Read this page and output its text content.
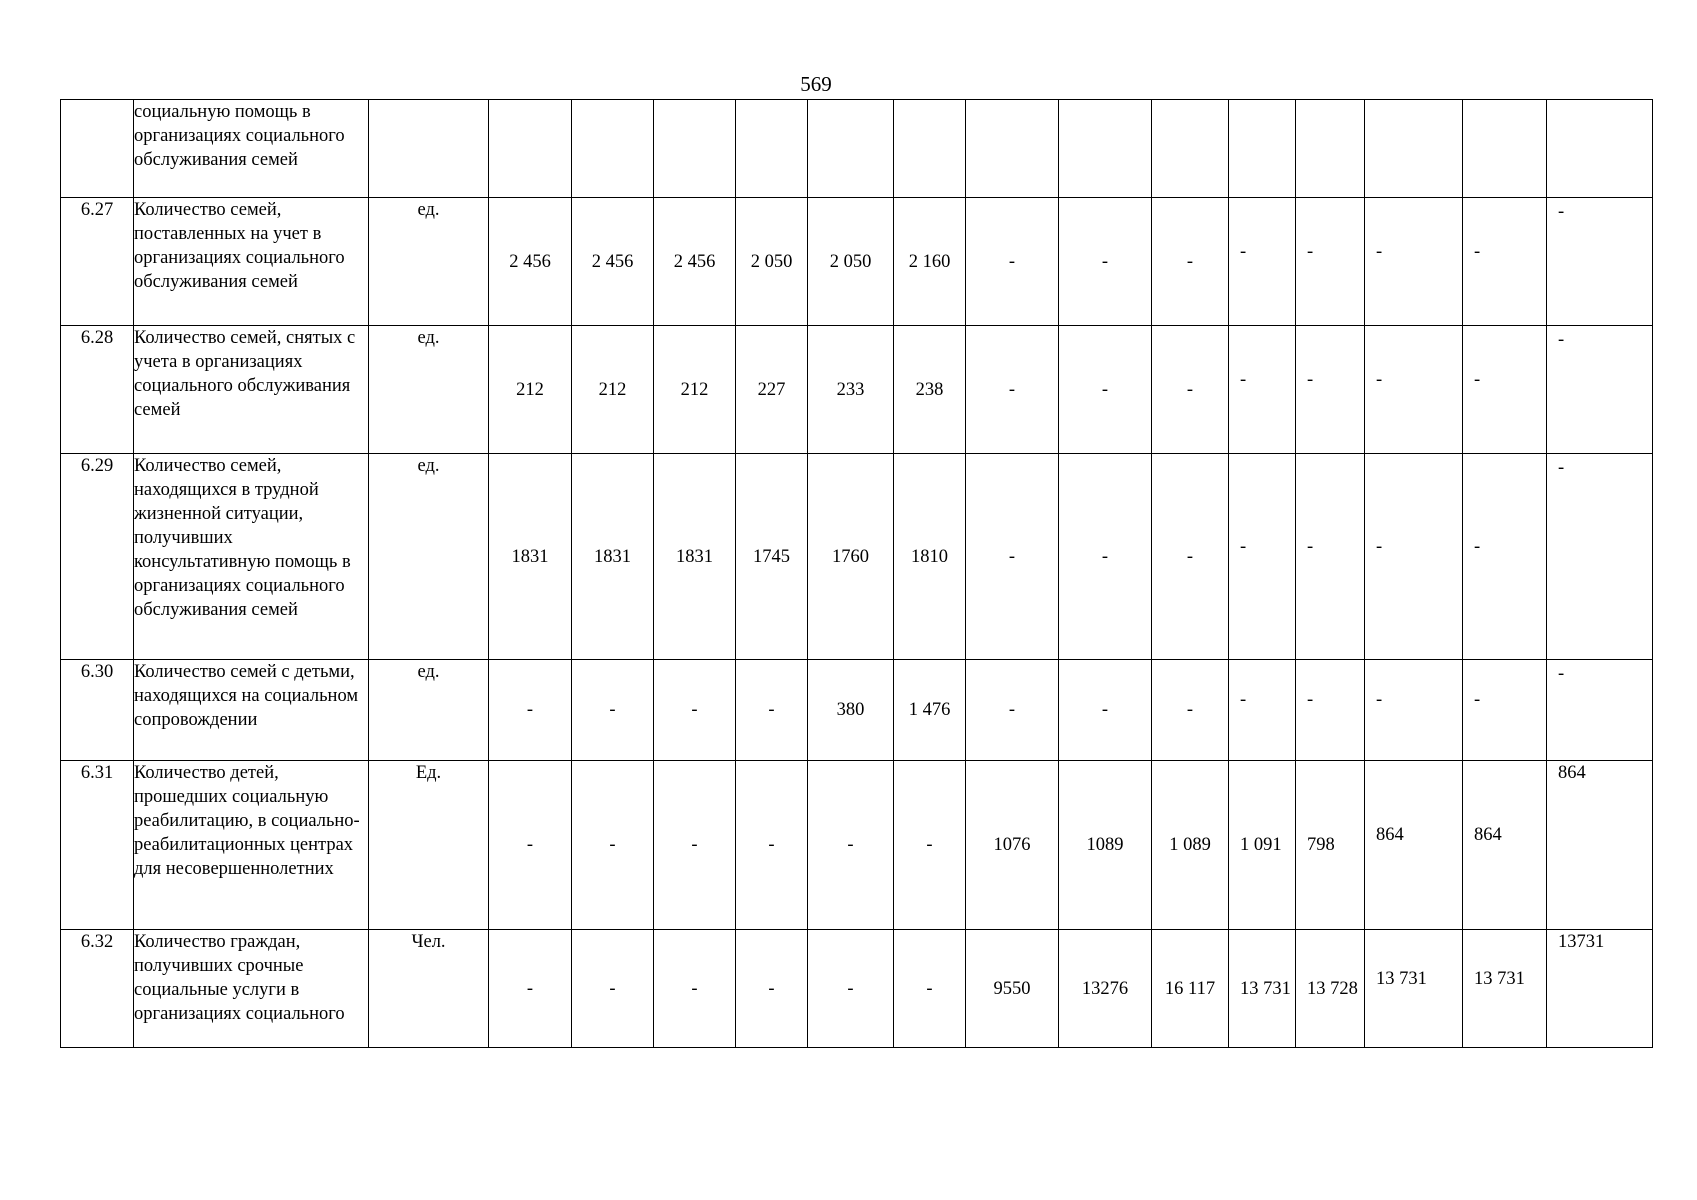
569
	социальную помощь в организациях социального обслуживания семей															
6.27	Количество семей, поставленных на учет в организациях социального обслуживания семей	ед.	2 456	2 456	2 456	2 050	2 050	2 160	-	-	-	-	-	-	-	-
6.28	Количество семей, снятых с учета в организациях социального обслуживания семей	ед.	212	212	212	227	233	238	-	-	-	-	-	-	-	-
6.29	Количество семей, находящихся в трудной жизненной ситуации, получивших консультативную помощь в организациях социального обслуживания семей	ед.	1831	1831	1831	1745	1760	1810	-	-	-	-	-	-	-	-
6.30	Количество семей с детьми, находящихся на социальном сопровождении	ед.	-	-	-	-	380	1 476	-	-	-	-	-	-	-	-
6.31	Количество детей, прошедших социальную реабилитацию, в социально-реабилитационных центрах для несовершеннолетних	Ед.	-	-	-	-	-	-	1076	1089	1 089	1 091	798	864	864	864
6.32	Количество граждан, получивших срочные социальные услуги в организациях социального	Чел.	-	-	-	-	-	-	9550	13276	16 117	13 731	13 728	13 731	13 731	13731
